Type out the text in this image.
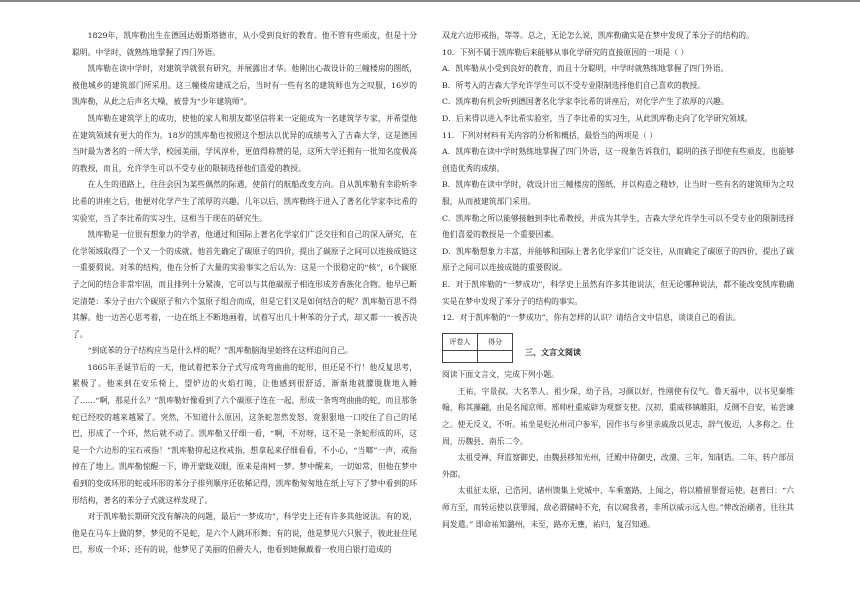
1829年，凯库勒出生在德国达姆斯塔德市，从小受到良好的教育。他不管有些顽皮，但是十分聪明。中学时，就熟练地掌握了四门外语。

凯库勒在读中学时，对建筑学就很有研究，并展露出才华。他刚出心裁设计的三幢楼房的图纸，被他城乡的建筑部门所采用。这三幢楼房建成之后，当时有一些有名的建筑师也为之叹服，16岁的凯库勒，从此之后声名大噪，被誉为“少年建筑师”。

凯库勒在建筑学上的成功，使他的家人和朋友都坚信将来一定能成为一名建筑学专家，并希望他在建筑领域有更大的作为。18岁的凯库勒也按照这个想法以优异的成绩考入了吉森大学，这是德国当时最为著名的一所大学，校园美丽，学风淳朴，更值得称赞的是，这所大学还拥有一批知名度极高的教授，而且，允许学生可以不受专业的限制选择他们喜爱的教授。

在人生的道路上，往往会因为某些偶然的际遇，使前行的航船改变方向。自从凯库勒有幸聆听李比希的讲座之后，他便对化学产生了浓厚的兴趣。几年以后，凯库勒终于进入了著名化学家李比希的实验室，当了李比希的实习生，这相当于现在的研究生。

凯库勒是一位很有想象力的学者，他通过和国际上著名化学家们广泛交往和自己的深入研究，在化学领域取得了一个又一个的成就。他首先确定了碳原子的四价，提出了碳原子之间可以连接成链这一重要假说。对苯的结构，他在分析了大量的实验事实之后认为：这是一个很稳定的“核”，6个碳原子之间的结合非常牢固，而且排列十分紧凑，它可以与其他碳原子相连形成芳香族化合物。他早已断定清楚：苯分子由六个碳原子和六个氢原子组合而成，但是它们又是如何结合的呢？凯库勒百思不得其解。他一边苦心思考着，一边在纸上不断地画着，试着写出几十种苯的分子式，却又都一一被否决了。

“到底苯的分子结构应当是什么样的呢？”凯库勒脑海里始终在这样追问自己。

1865年圣诞节后的一天，他试着把苯分子式写成弯弯曲曲的蛇形，但还是不行！他反复思考，累极了。他来到在安乐椅上，望炉边的火焰打盹，让他感到很舒适，渐渐地就朦胧胧地入睡了……“啊，那是什么？”凯库勒好像看到了六个碳原子连在一起，形成一条弯弯曲曲的蛇，而且那条蛇已经咬的越来越紧了。突然，不知道什么原因，这条蛇忽然发怒，竟狠狠地一口咬住了自己的尾巴，形成了一个环，然后就不动了。凯库勒又仔细一看，“啊，不对呀，这不是一条蛇形成的环，这是一个六边形的宝石戒指！”凯库勒抑起这枚戒指，想拿起来仔细看看，不小心，“当啷”一声，戒指掉在了地上。凯库勒惊醒一下，睁开蒙眬双眼，原来是南柯一梦。梦中醒来，一切如常，但他在梦中看到的变成环形的蛇或环形的苯分子排列顺序还依稀记得，凯库勒匆匆地在纸上写下了梦中看到的环形结构，著名的苯分子式就这样发现了。

对于凯库勒长期研究没有解决的问题，最后“一梦成功”，科学史上还有许多其他说法。有的说，他是在马车上做的梦，梦见的不是蛇，是六个人跳环形舞；有的说，他是梦见六只猴子，彼此扯住尾巴，形成一个环；还有的说，他梦见了美丽的伯爵夫人，他看到她佩戴着一枚用白银打造成的

双龙六边形戒指，等等。总之，无论怎么说，凯库勒确实是在梦中发现了苯分子的结构的。

10．下列不属于凯库勒后来能够从事化学研究的直接原因的一项是（ ）

A．凯库勒从小受到良好的教育，而且十分聪明，中学时就熟练地掌握了四门外语。

B．所考入的吉森大学允许学生可以不受专业限制选择他们自己喜欢的教授。

C．凯库勒有机会听到德国著名化学家李比希的讲座后，对化学产生了浓厚的兴趣。

D．后来得以进入李比希实验室，当了李比希的实习生，从此凯库勒走向了化学研究领域。

11．下列对材料有关内容的分析和概括，最恰当的两项是（ ）

A．凯库勒在读中学时熟练地掌握了四门外语，这一现象告诉我们，聪明的孩子即使有些顽皮，也能够创造优秀的成绩。

B．凯库勒在读中学时，就设计出三幢楼房的图纸，并以构造之精妙，让当时一些有名的建筑师为之叹服，从而被建筑部门采用。

C．凯库勒之所以能够接触到李比希教授，并成为其学生，吉森大学允许学生可以不受专业的限制选择他们喜爱的教授是一个重要因素。

D．凯库勒想象力丰富，并能够和国际上著名化学家们广泛交往，从而确定了碳原子的四价，提出了碳原子之间可以连接成链的重要假说。

E．对于凯库勒的“一梦成功”，科学史上虽然有许多其他说法，但无论哪种说法，都不能改变凯库勒确实是在梦中发现了苯分子的结构的事实。

12．对于凯库勒的“一梦成功”，你有怎样的认识？请结合文中信息，谈谈自己的看法。

评卷人	得分

三、文言文阅读

阅读下面文言文，完成下列小题。

王祐，字景叔，大名莘人。祖少琛，幼子昌，习颜以好，性刚使有仪气。鲁天福中，以书见秦维翰，称其藻翩，由是名闻京师。邢帅杜重威辟为观察支使。汉初，重威移镇睢阳，反侧不自安，祐尝谏之。使无反义，不听。祐坐是贬沁州司户参军，因作书与乡里亲戚敌以见志，辞气俊迈，人多称之。仕周，历魏县、南乐二令。

太祖受禅，拜监察御史，由魏县移知光州，迁殿中侍御史，改澶、三年，知制诰。二年，转户部员外郎。

太祖征太原，已浩河，诸州馈集上党城中，车乘塞路，上闻之，将以稽留罪督运使。赵普曰：“六师方至，而转运使以获罪闻，敌必谓储峙不充，有以窥我者，非所以威示远人也。”俾改治刷者，往往其间发遣。” 即命祐知潞州，未至，路亦无壅，祐归，复召知通。
